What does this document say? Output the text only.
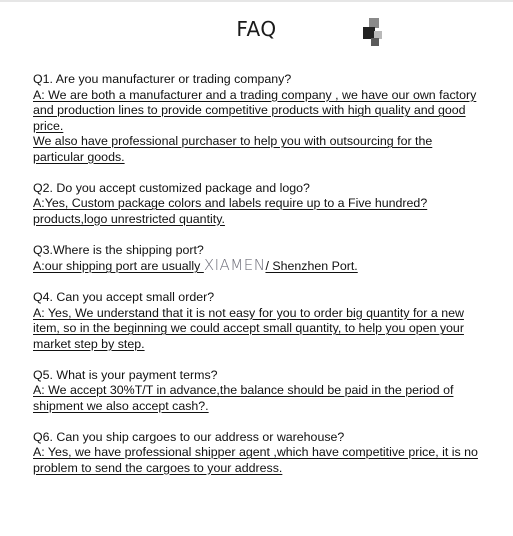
FAQ
Q1. Are you manufacturer or trading company?
A: We are both a manufacturer and a trading company , we have our own factory and production lines to provide competitive products with high quality and good price.
We also have professional purchaser to help you with outsourcing for the particular goods.
Q2. Do you accept customized package and logo?
A:Yes, Custom package colors and labels require up to a Five hundred?products,logo unrestricted quantity.
Q3.Where is the shipping port?
A:our shipping port are usually XIAMEN/ Shenzhen Port.
Q4. Can you accept small order?
A: Yes, We understand that it is not easy for you to order big quantity for a new item, so in the beginning we could accept small quantity, to help you open your market step by step.
Q5. What is your payment terms?
A: We accept 30%T/T in advance,the balance should be paid in the period of shipment we also accept cash?.
Q6. Can you ship cargoes to our address or warehouse?
A: Yes, we have professional shipper agent ,which have competitive price, it is no problem to send the cargoes to your address.
